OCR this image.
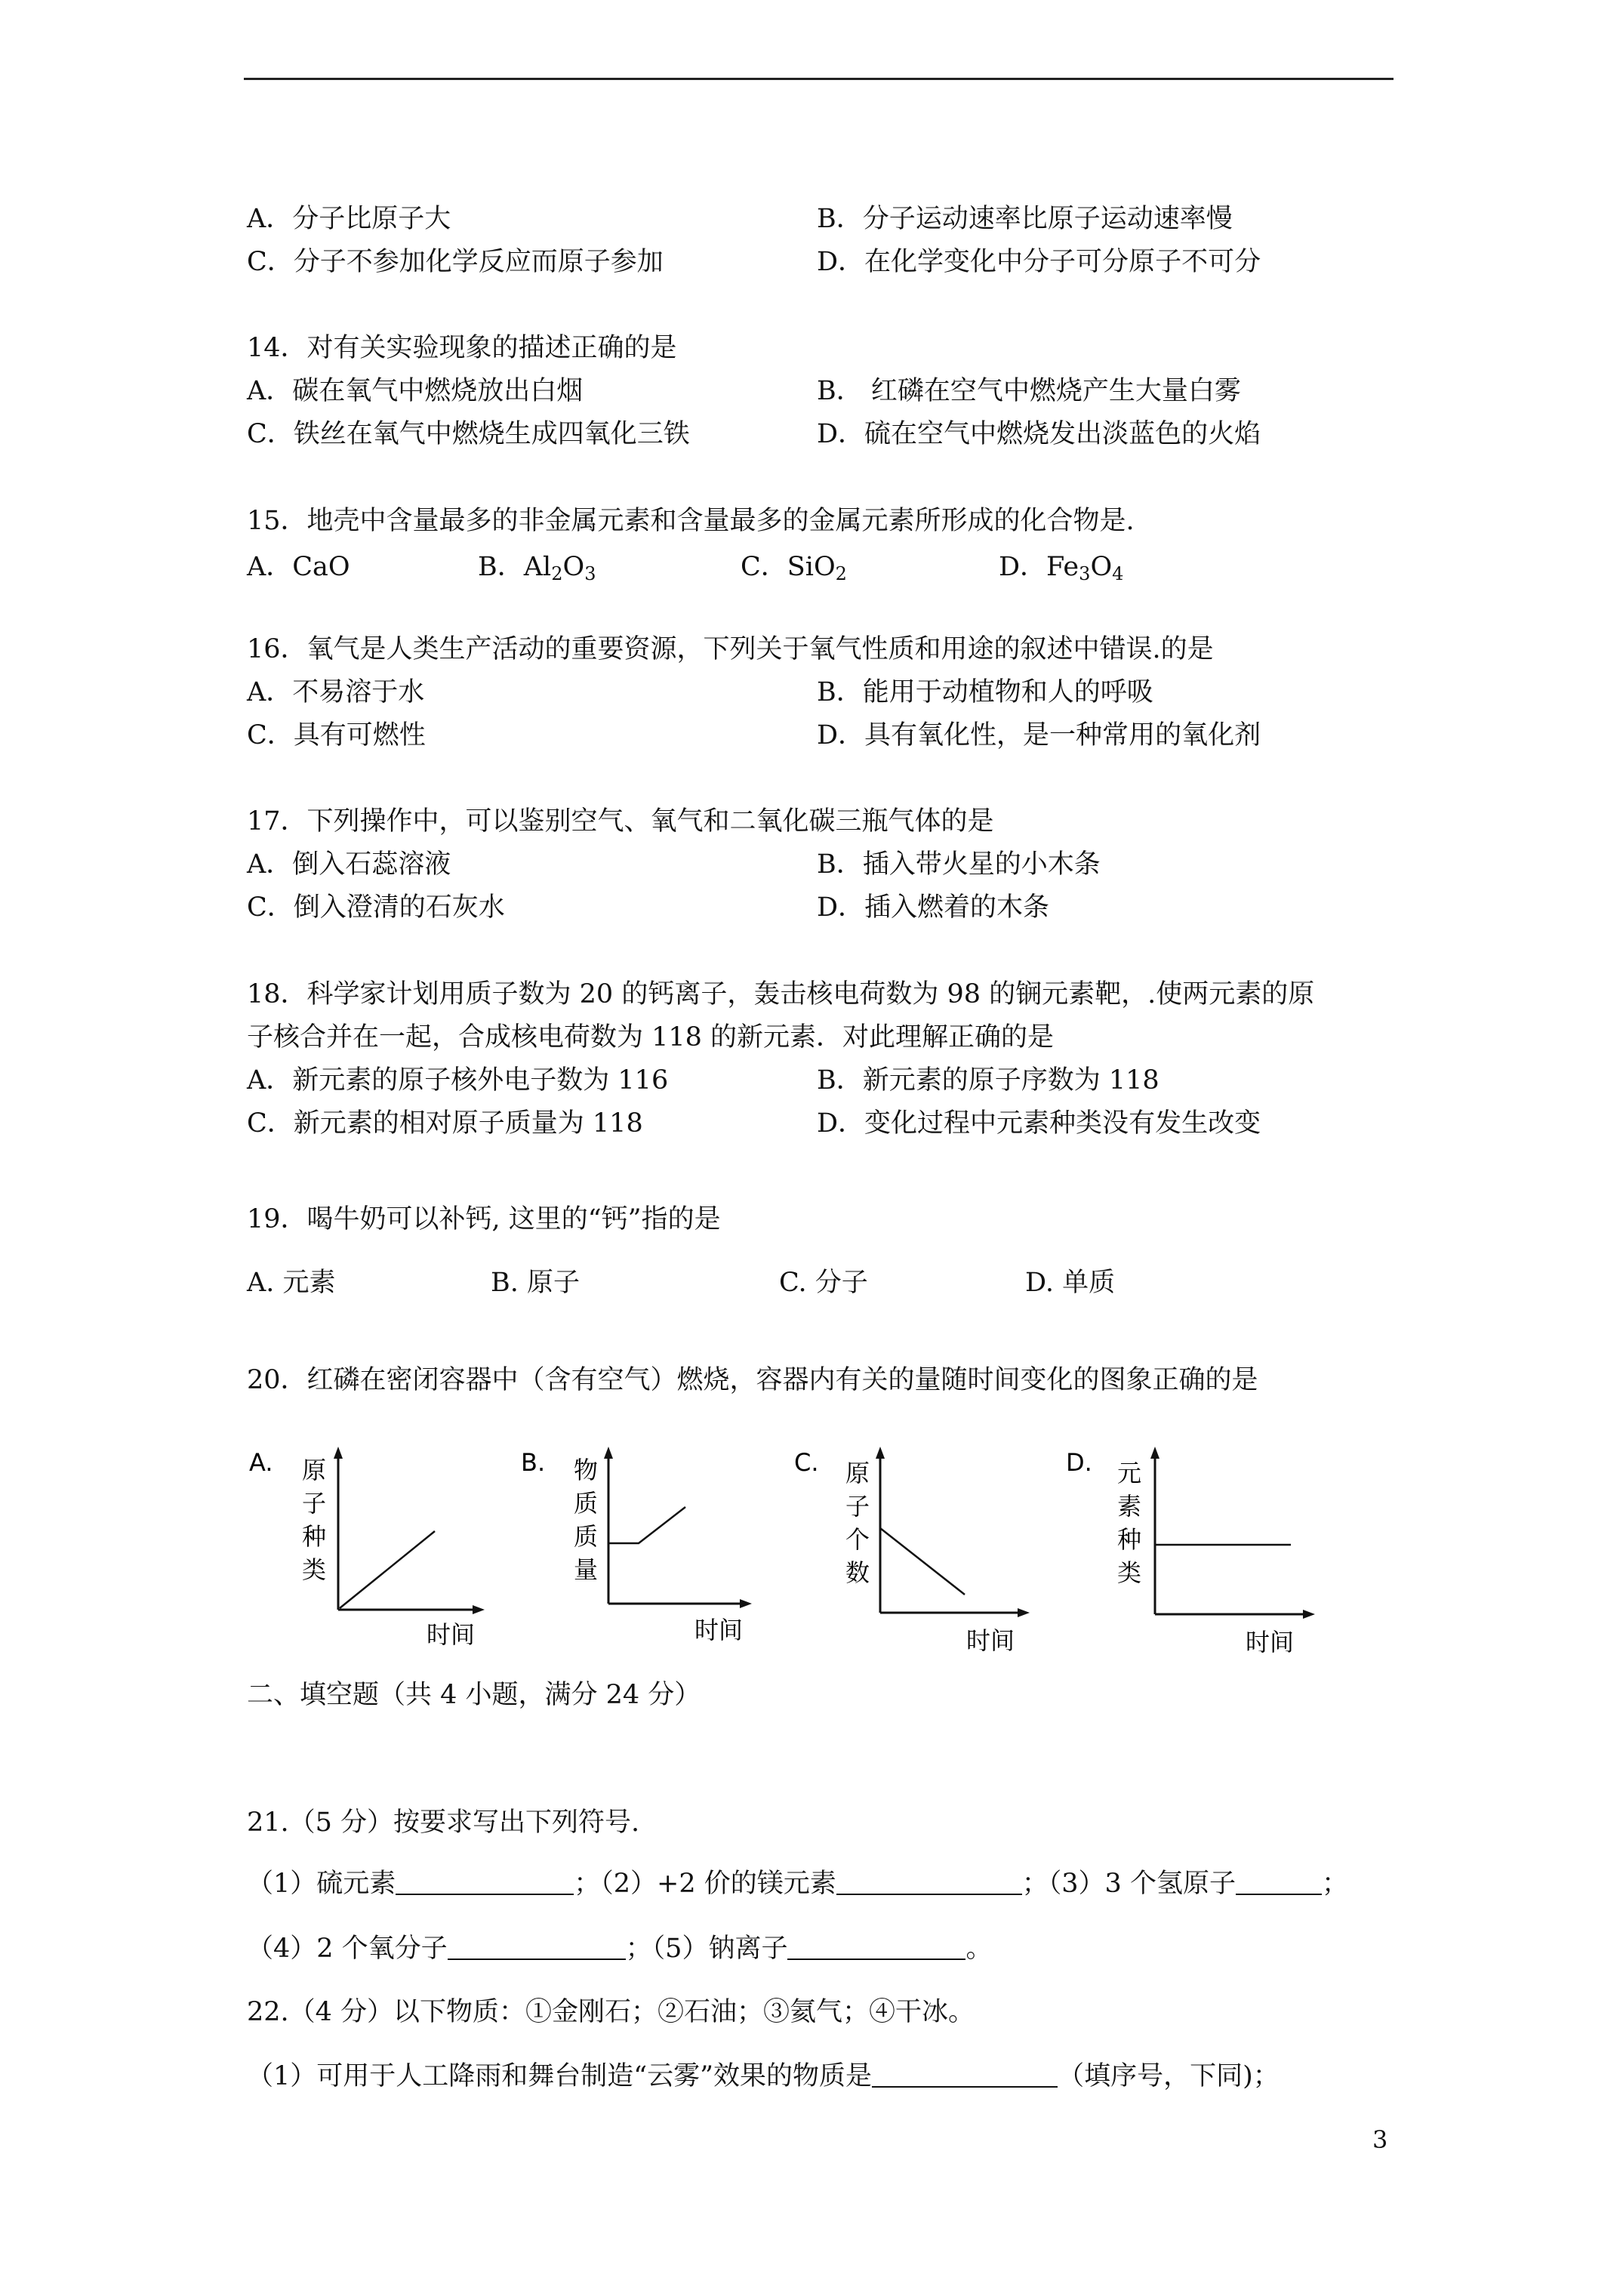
A．分子比原子大	B．分子运动速率比原子运动速率慢
C．分子不参加化学反应而原子参加	D．在化学变化中分子可分原子不可分
14．对有关实验现象的描述正确的是
A．碳在氧气中燃烧放出白烟	B． 红磷在空气中燃烧产生大量白雾
C．铁丝在氧气中燃烧生成四氧化三铁	D．硫在空气中燃烧发出淡蓝色的火焰
15．地壳中含量最多的非金属元素和含量最多的金属元素所形成的化合物是.
A．CaO	B．$Al_2O_3$	C．SiO$_2$	D．$Fe_3O_4$
16．氧气是人类生产活动的重要资源，下列关于氧气性质和用途的叙述中错误.的是
A．不易溶于水	B．能用于动植物和人的呼吸
C．具有可燃性	D．具有氧化性，是一种常用的氧化剂
17．下列操作中，可以鉴别空气、氧气和二氧化碳三瓶气体的是
A．倒入石蕊溶液	B．插入带火星的小木条
C．倒入澄清的石灰水	D．插入燃着的木条
18．科学家计划用质子数为 20 的钙离子，轰击核电荷数为 98 的锎元素靶，.使两元素的原
子核合并在一起，合成核电荷数为 118 的新元素．对此理解正确的是
A．新元素的原子核外电子数为 116	B．新元素的原子序数为 118
C．新元素的相对原子质量为 118	D．变化过程中元素种类没有发生改变
19．喝牛奶可以补钙, 这里的“钙”指的是
A. 元素	B. 原子	C. 分子	D. 单质
20．红磷在密闭容器中（含有空气）燃烧，容器内有关的量随时间变化的图象正确的是
A. 原
子
种
类
时间
B. 物
质
质
量
时间
C. 原
子
个
数
时间
D. 元
素
种
类
时间
二、填空题（共 4 小题，满分 24 分）
21.（5 分）按要求写出下列符号.
（1）硫元素	；（2）+2 价的镁元素	；（3）3 个氢原子	；
（4）2 个氧分子	；（5）钠离子	。
22.（4 分）以下物质：①金刚石；②石油；③氦气；④干冰。
（1）可用于人工降雨和舞台制造“云雾”效果的物质是	（填序号，下同)；
3
